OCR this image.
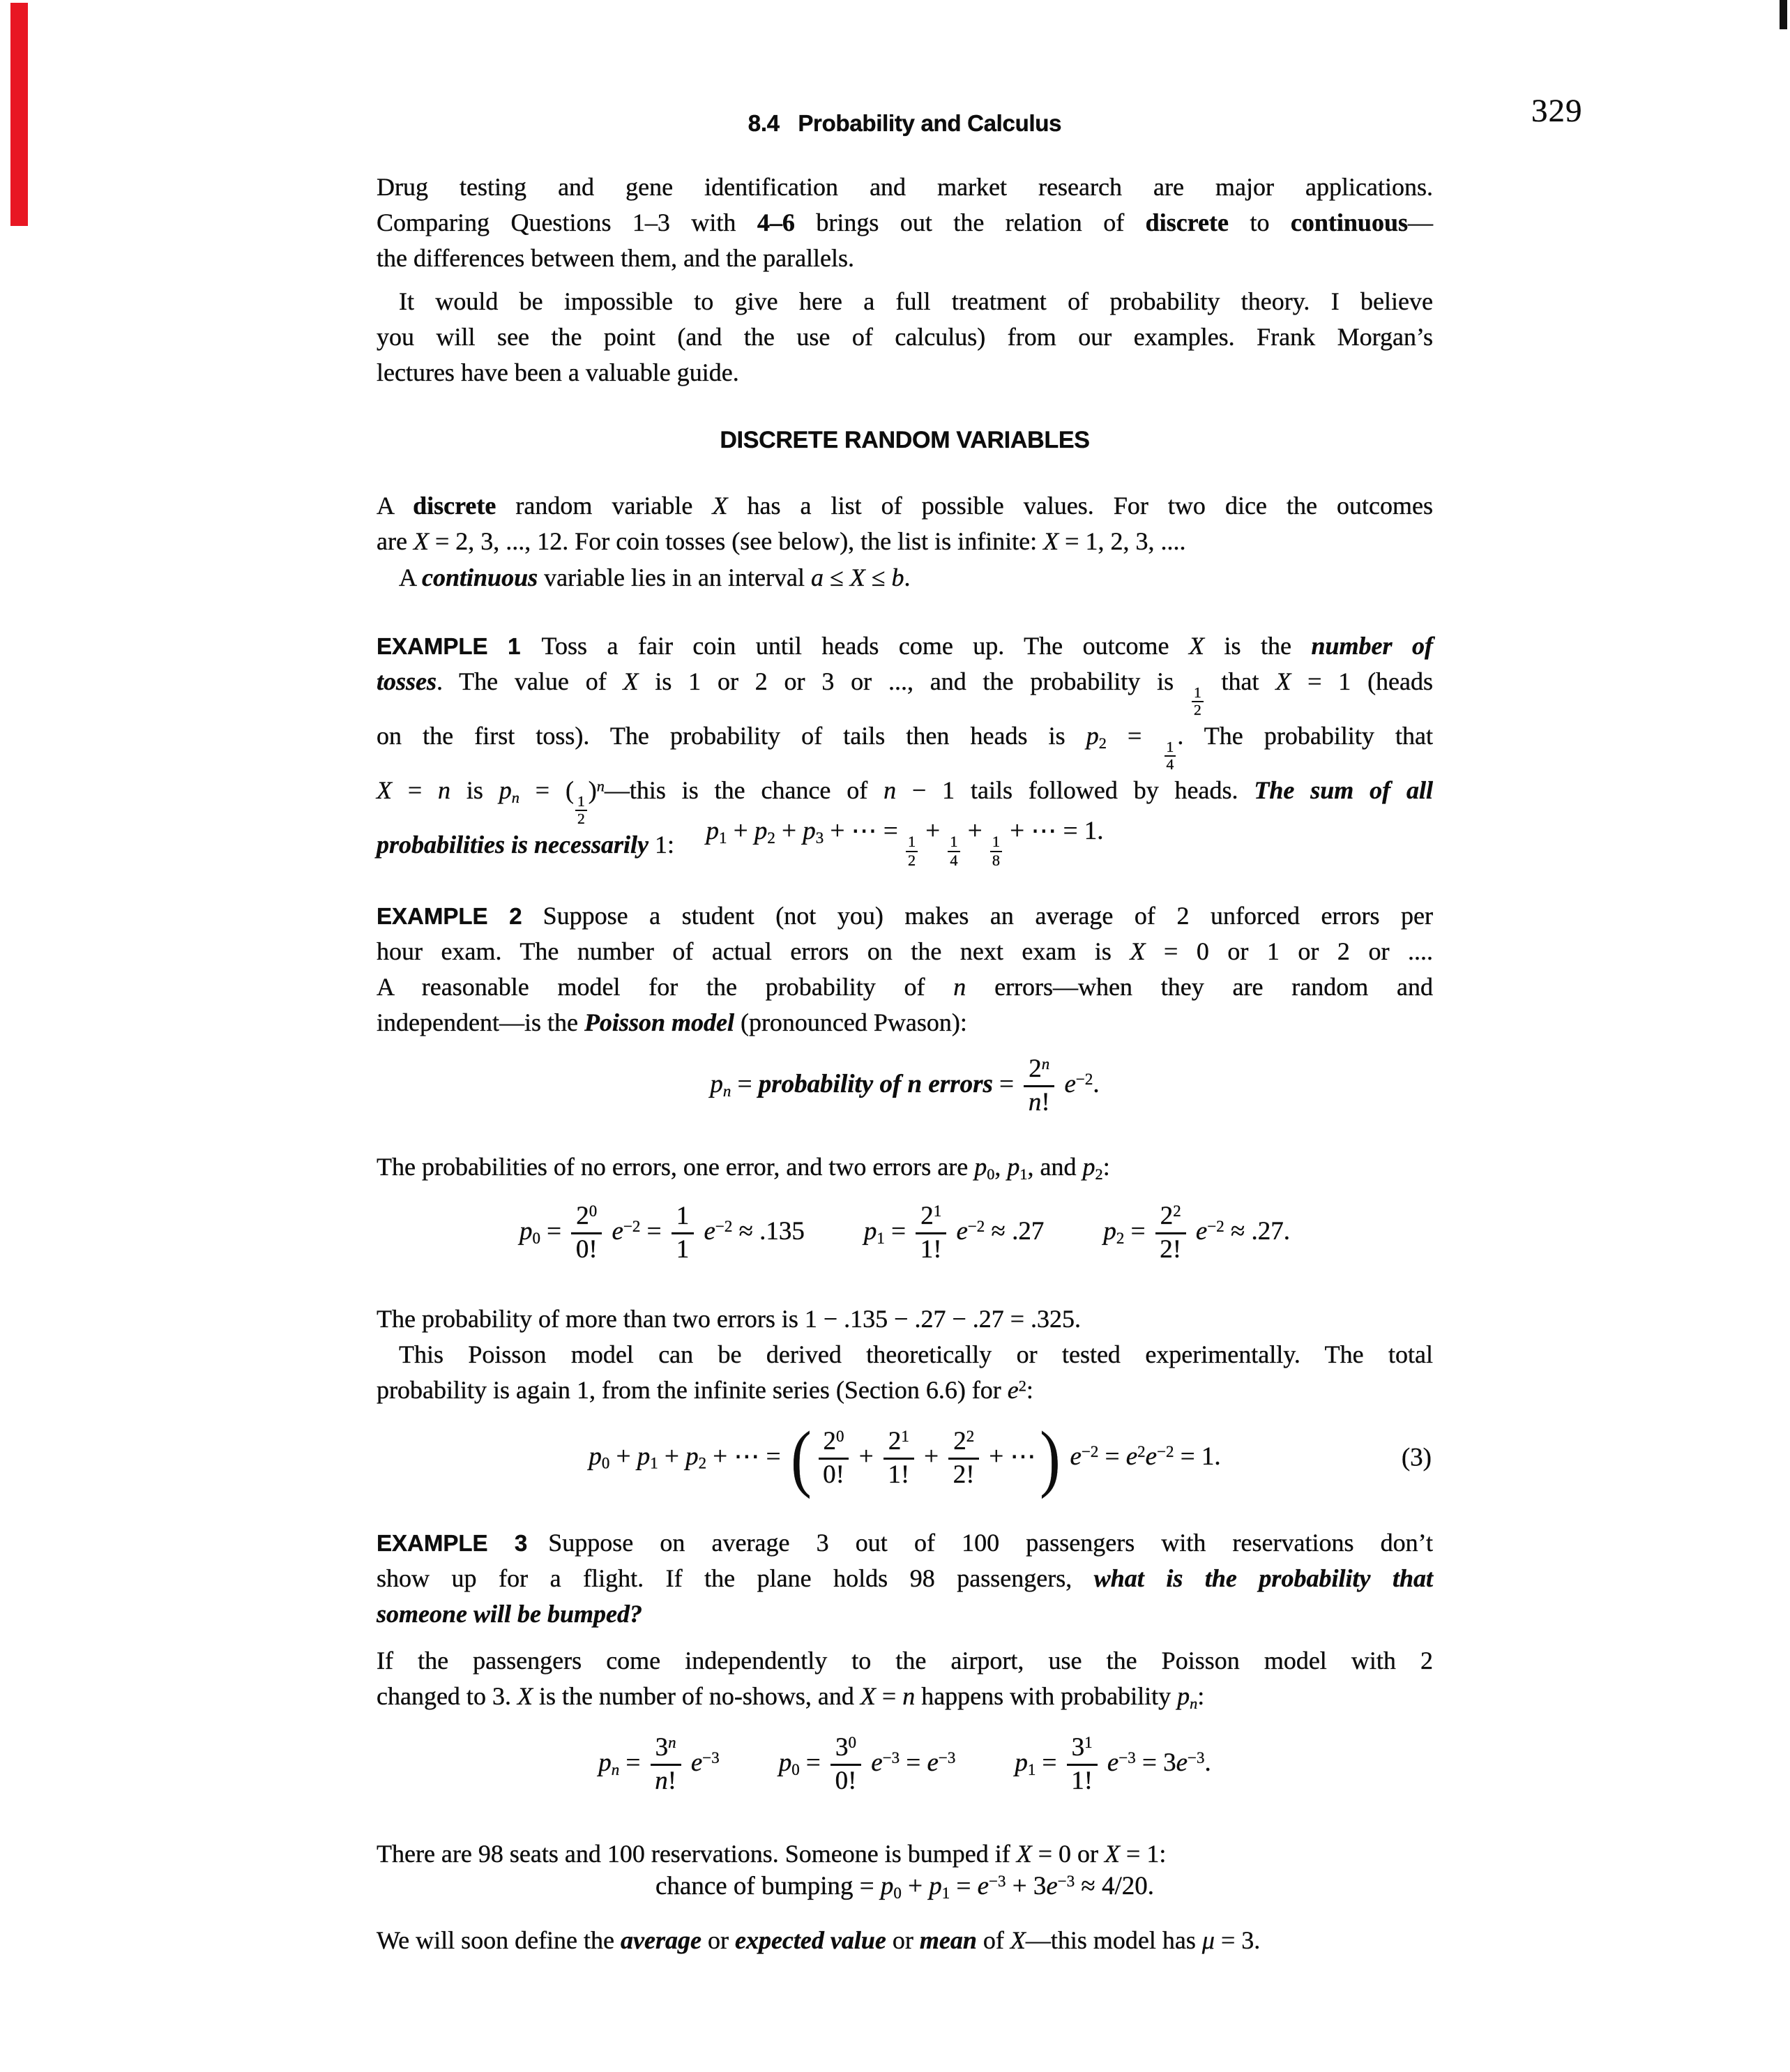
8.4   Probability and Calculus	329
Drug testing and gene identification and market research are major applications.
Comparing Questions 1–3 with 4–6 brings out the relation of discrete to continuous—
the differences between them, and the parallels.
It would be impossible to give here a full treatment of probability theory. I believe
you will see the point (and the use of calculus) from our examples. Frank Morgan’s
lectures have been a valuable guide.
DISCRETE RANDOM VARIABLES
A discrete random variable X has a list of possible values. For two dice the outcomes
are X = 2, 3, ..., 12. For coin tosses (see below), the list is infinite: X = 1, 2, 3, ....
A continuous variable lies in an interval a ≤ X ≤ b.
EXAMPLE 1 Toss a fair coin until heads come up. The outcome X is the number of
tosses. The value of X is 1 or 2 or 3 or ..., and the probability is
$\frac{1}{2}$
that X = 1 (heads
on the first toss). The probability of tails then heads is $p_2$ =
$\frac{1}{4}$
. The probability that
X = n is $p_n$ = (
$\frac{1}{2}$
)$^n$—this is the chance of n − 1 tails followed by heads. The sum of all
probabilities is necessarily 1:	$p_1 + p_2 + p_3$ + ⋯ =
$\frac{1}{2}$
+
$\frac{1}{4}$
+
$\frac{1}{8}$
+ ⋯ = 1.
EXAMPLE 2 Suppose a student (not you) makes an average of 2 unforced errors per
hour exam. The number of actual errors on the next exam is X = 0 or 1 or 2 or ....
A reasonable model for the probability of n errors—when they are random and
independent—is the Poisson model (pronounced Pwason):
$p_n$ = probability of n errors = $\frac{2^n}{n!} e^{-2}$.
The probabilities of no errors, one error, and two errors are $p_0$, $p_1$, and $p_2$:
$p_0 = \frac{2^0}{0!} e^{-2} = \frac{1}{1} e^{-2} \approx .135$ $p_1 = \frac{2^1}{1!} e^{-2} \approx .27$ $p_2 = \frac{2^2}{2!} e^{-2} \approx .27$.
The probability of more than two errors is 1 − .135 − .27 − .27 = .325.
This Poisson model can be derived theoretically or tested experimentally. The total
probability is again 1, from the infinite series (Section 6.6) for $e^2$:
$p_0 + p_1 + p_2$ + ⋯ = ( $\frac{2^0}{0!} + \frac{2^1}{1!} + \frac{2^2}{2!}$ + ⋯) $e^{-2} = e^2e^{-2} = 1$.	(3)
EXAMPLE 3 Suppose on average 3 out of 100 passengers with reservations don’t
show up for a flight. If the plane holds 98 passengers, what is the probability that
someone will be bumped?
If the passengers come independently to the airport, use the Poisson model with 2
changed to 3. X is the number of no-shows, and X = n happens with probability $p_n$:
$p_n = \frac{3^n}{n!} e^{-3}$ $p_0 = \frac{3^0}{0!} e^{-3} = e^{-3}$ $p_1 = \frac{3^1}{1!} e^{-3} = 3e^{-3}$.
There are 98 seats and 100 reservations. Someone is bumped if X = 0 or X = 1:
chance of bumping = $p_0 + p_1 = e^{-3} + 3e^{-3} \approx 4/20$.
We will soon define the average or expected value or mean of X—this model has μ = 3.
